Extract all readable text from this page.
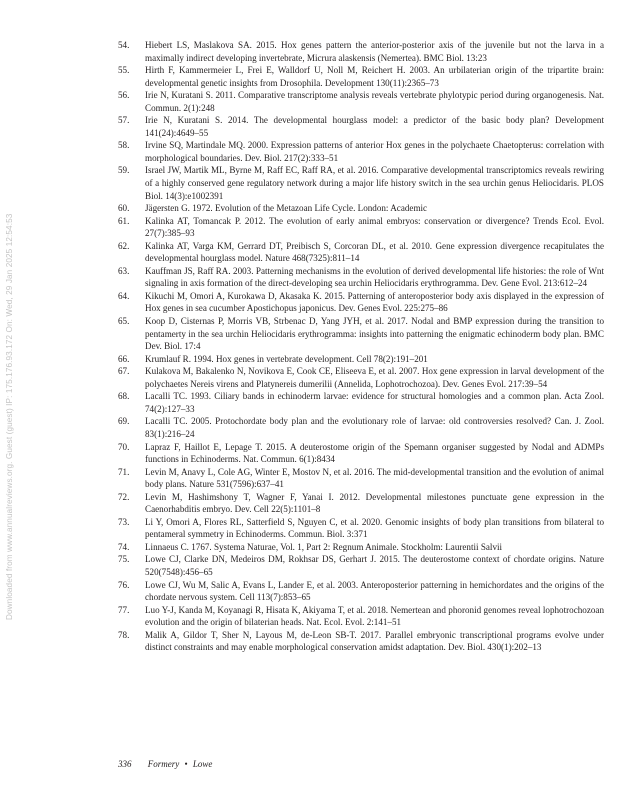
Downloaded from www.annualreviews.org. Guest (guest) IP: 175.176.93.172 On: Wed, 29 Jan 2025 12:54:53
54. Hiebert LS, Maslakova SA. 2015. Hox genes pattern the anterior-posterior axis of the juvenile but not the larva in a maximally indirect developing invertebrate, Micrura alaskensis (Nemertea). BMC Biol. 13:23
55. Hirth F, Kammermeier L, Frei E, Walldorf U, Noll M, Reichert H. 2003. An urbilaterian origin of the tripartite brain: developmental genetic insights from Drosophila. Development 130(11):2365–73
56. Irie N, Kuratani S. 2011. Comparative transcriptome analysis reveals vertebrate phylotypic period during organogenesis. Nat. Commun. 2(1):248
57. Irie N, Kuratani S. 2014. The developmental hourglass model: a predictor of the basic body plan? Development 141(24):4649–55
58. Irvine SQ, Martindale MQ. 2000. Expression patterns of anterior Hox genes in the polychaete Chaetopterus: correlation with morphological boundaries. Dev. Biol. 217(2):333–51
59. Israel JW, Martik ML, Byrne M, Raff EC, Raff RA, et al. 2016. Comparative developmental transcriptomics reveals rewiring of a highly conserved gene regulatory network during a major life history switch in the sea urchin genus Heliocidaris. PLOS Biol. 14(3):e1002391
60. Jägersten G. 1972. Evolution of the Metazoan Life Cycle. London: Academic
61. Kalinka AT, Tomancak P. 2012. The evolution of early animal embryos: conservation or divergence? Trends Ecol. Evol. 27(7):385–93
62. Kalinka AT, Varga KM, Gerrard DT, Preibisch S, Corcoran DL, et al. 2010. Gene expression divergence recapitulates the developmental hourglass model. Nature 468(7325):811–14
63. Kauffman JS, Raff RA. 2003. Patterning mechanisms in the evolution of derived developmental life histories: the role of Wnt signaling in axis formation of the direct-developing sea urchin Heliocidaris erythrogramma. Dev. Gene Evol. 213:612–24
64. Kikuchi M, Omori A, Kurokawa D, Akasaka K. 2015. Patterning of anteroposterior body axis displayed in the expression of Hox genes in sea cucumber Apostichopus japonicus. Dev. Genes Evol. 225:275–86
65. Koop D, Cisternas P, Morris VB, Strbenac D, Yang JYH, et al. 2017. Nodal and BMP expression during the transition to pentamerty in the sea urchin Heliocidaris erythrogramma: insights into patterning the enigmatic echinoderm body plan. BMC Dev. Biol. 17:4
66. Krumlauf R. 1994. Hox genes in vertebrate development. Cell 78(2):191–201
67. Kulakova M, Bakalenko N, Novikova E, Cook CE, Eliseeva E, et al. 2007. Hox gene expression in larval development of the polychaetes Nereis virens and Platynereis dumerilii (Annelida, Lophotrochozoa). Dev. Genes Evol. 217:39–54
68. Lacalli TC. 1993. Ciliary bands in echinoderm larvae: evidence for structural homologies and a common plan. Acta Zool. 74(2):127–33
69. Lacalli TC. 2005. Protochordate body plan and the evolutionary role of larvae: old controversies resolved? Can. J. Zool. 83(1):216–24
70. Lapraz F, Haillot E, Lepage T. 2015. A deuterostome origin of the Spemann organiser suggested by Nodal and ADMPs functions in Echinoderms. Nat. Commun. 6(1):8434
71. Levin M, Anavy L, Cole AG, Winter E, Mostov N, et al. 2016. The mid-developmental transition and the evolution of animal body plans. Nature 531(7596):637–41
72. Levin M, Hashimshony T, Wagner F, Yanai I. 2012. Developmental milestones punctuate gene expression in the Caenorhabditis embryo. Dev. Cell 22(5):1101–8
73. Li Y, Omori A, Flores RL, Satterfield S, Nguyen C, et al. 2020. Genomic insights of body plan transitions from bilateral to pentameral symmetry in Echinoderms. Commun. Biol. 3:371
74. Linnaeus C. 1767. Systema Naturae, Vol. 1, Part 2: Regnum Animale. Stockholm: Laurentii Salvii
75. Lowe CJ, Clarke DN, Medeiros DM, Rokhsar DS, Gerhart J. 2015. The deuterostome context of chordate origins. Nature 520(7548):456–65
76. Lowe CJ, Wu M, Salic A, Evans L, Lander E, et al. 2003. Anteroposterior patterning in hemichordates and the origins of the chordate nervous system. Cell 113(7):853–65
77. Luo Y-J, Kanda M, Koyanagi R, Hisata K, Akiyama T, et al. 2018. Nemertean and phoronid genomes reveal lophotrochozoan evolution and the origin of bilaterian heads. Nat. Ecol. Evol. 2:141–51
78. Malik A, Gildor T, Sher N, Layous M, de-Leon SB-T. 2017. Parallel embryonic transcriptional programs evolve under distinct constraints and may enable morphological conservation amidst adaptation. Dev. Biol. 430(1):202–13
336 Formery • Lowe
